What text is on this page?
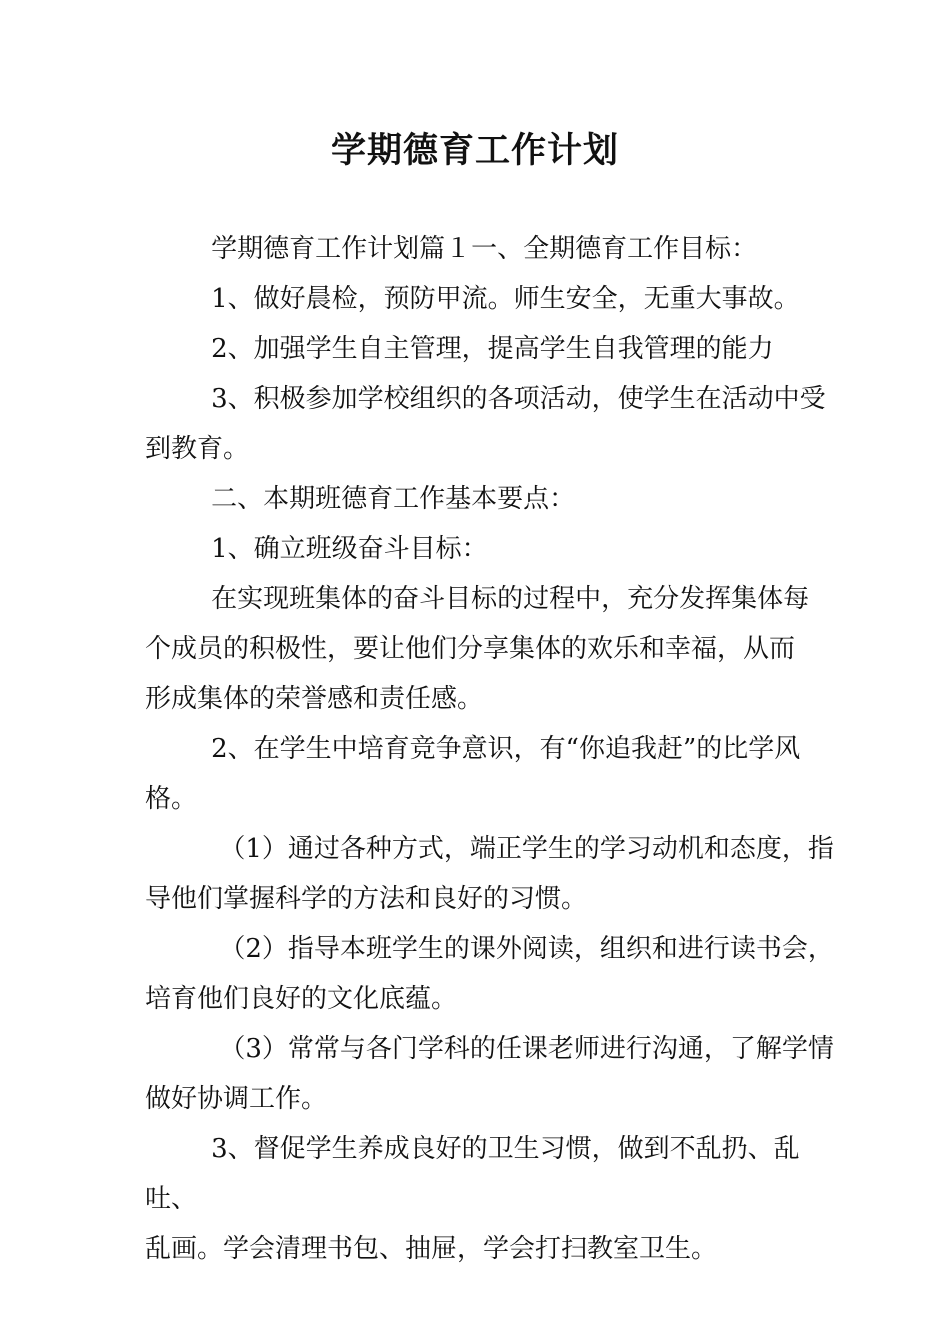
学期德育工作计划

学期德育工作计划篇１一、全期德育工作目标：

1、做好晨检，预防甲流。师生安全，无重大事故。

2、加强学生自主管理，提高学生自我管理的能力

3、积极参加学校组织的各项活动，使学生在活动中受
到教育。

二、本期班德育工作基本要点：

1、确立班级奋斗目标：

在实现班集体的奋斗目标的过程中，充分发挥集体每
个成员的积极性，要让他们分享集体的欢乐和幸福，从而
形成集体的荣誉感和责任感。

2、在学生中培育竞争意识，有“你追我赶”的比学风
格。

（1）通过各种方式，端正学生的学习动机和态度，指
导他们掌握科学的方法和良好的习惯。

（2）指导本班学生的课外阅读，组织和进行读书会，
培育他们良好的文化底蕴。

（3）常常与各门学科的任课老师进行沟通，了解学情
做好协调工作。

3、督促学生养成良好的卫生习惯，做到不乱扔、乱吐、
乱画。学会清理书包、抽屉，学会打扫教室卫生。
